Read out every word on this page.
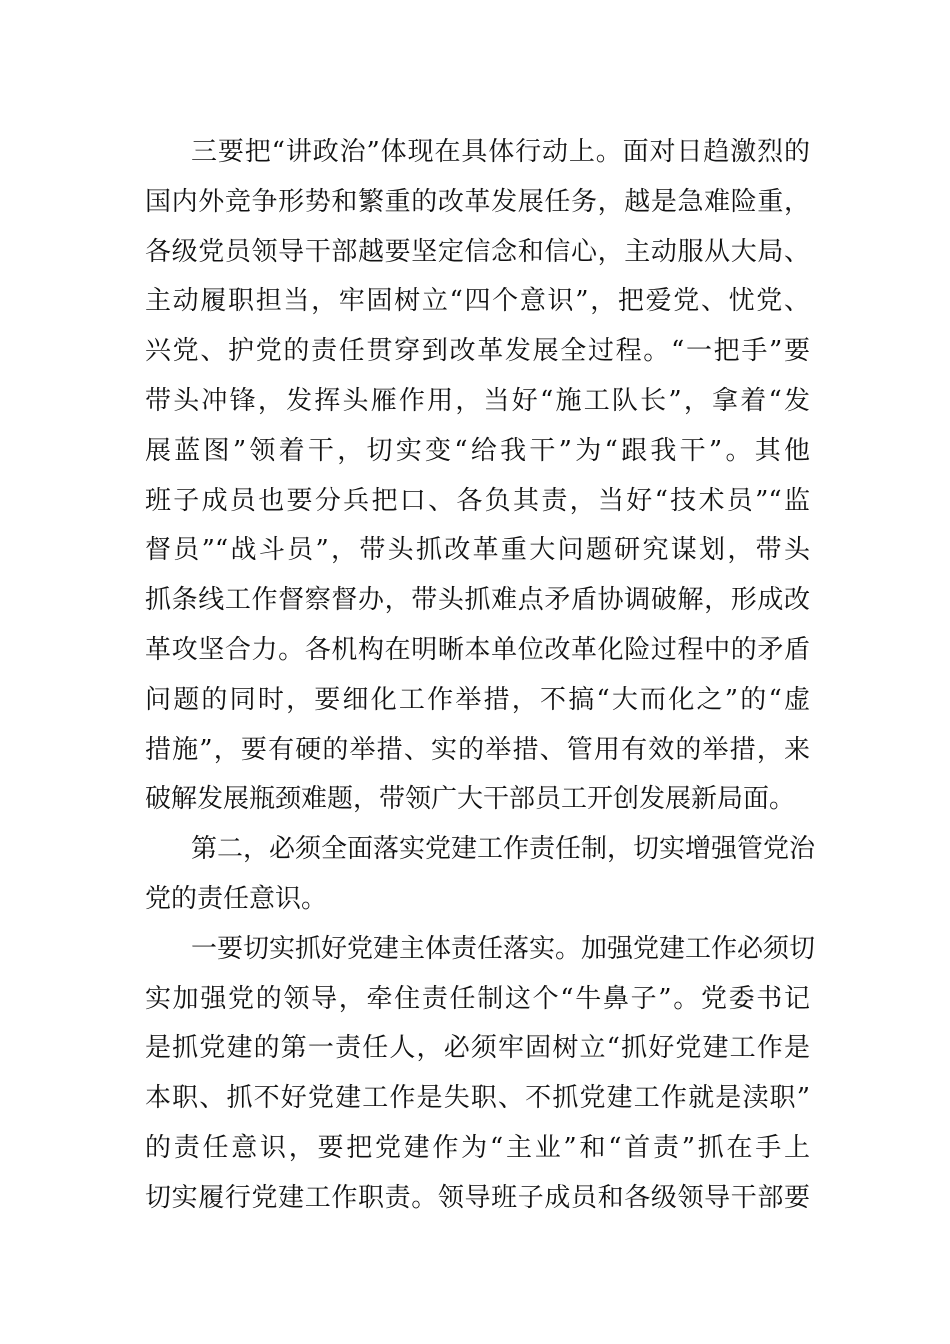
三要把“讲政治”体现在具体行动上。面对日趋激烈的
国内外竞争形势和繁重的改革发展任务，越是急难险重，
各级党员领导干部越要坚定信念和信心，主动服从大局、
主动履职担当，牢固树立“四个意识”，把爱党、忧党、
兴党、护党的责任贯穿到改革发展全过程。“一把手”要
带头冲锋，发挥头雁作用，当好“施工队长”，拿着“发
展蓝图”领着干，切实变“给我干”为“跟我干”。其他
班子成员也要分兵把口、各负其责，当好“技术员”“监
督员”“战斗员”，带头抓改革重大问题研究谋划，带头
抓条线工作督察督办，带头抓难点矛盾协调破解，形成改
革攻坚合力。各机构在明晰本单位改革化险过程中的矛盾
问题的同时，要细化工作举措，不搞“大而化之”的“虚
措施”，要有硬的举措、实的举措、管用有效的举措，来
破解发展瓶颈难题，带领广大干部员工开创发展新局面。
第二，必须全面落实党建工作责任制，切实增强管党治
党的责任意识。
一要切实抓好党建主体责任落实。加强党建工作必须切
实加强党的领导，牵住责任制这个“牛鼻子”。党委书记
是抓党建的第一责任人，必须牢固树立“抓好党建工作是
本职、抓不好党建工作是失职、不抓党建工作就是渎职”
的责任意识，要把党建作为“主业”和“首责”抓在手上
切实履行党建工作职责。领导班子成员和各级领导干部要
